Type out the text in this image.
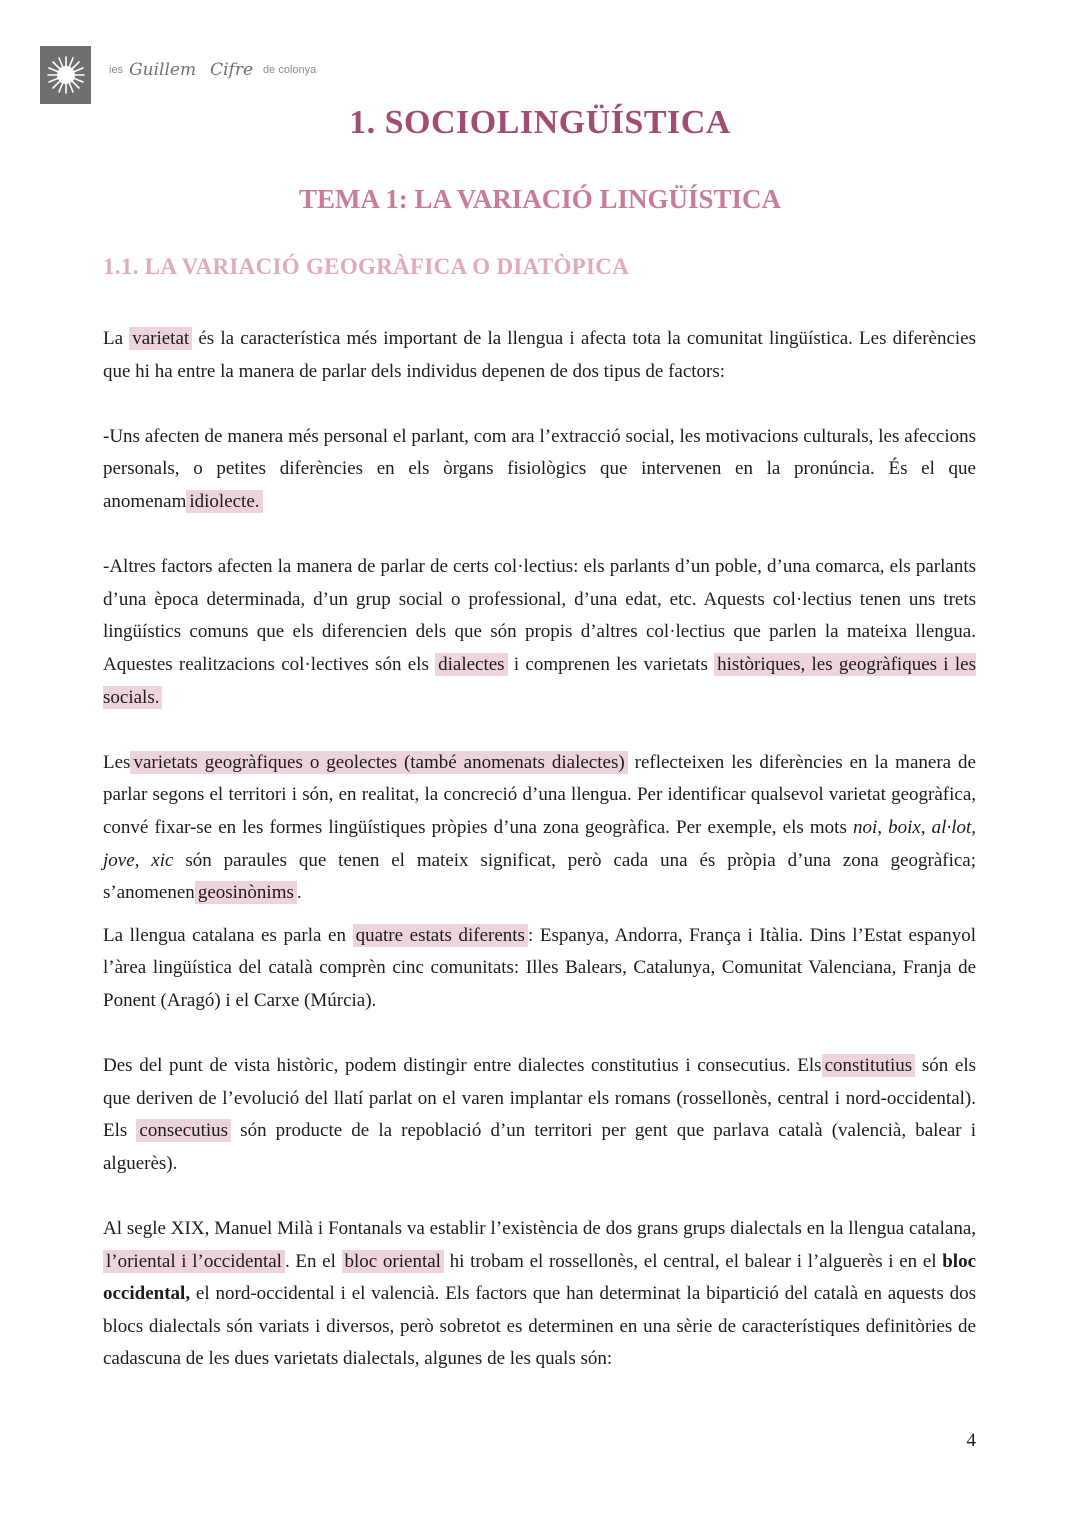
ies Guillem Cifre de colonya
1. SOCIOLINGÜÍSTICA
TEMA 1: LA VARIACIÓ LINGÜÍSTICA
1.1. LA VARIACIÓ GEOGRÀFICA O DIATÒPICA

La varietat és la característica més important de la llengua i afecta tota la comunitat lingüística. Les diferències que hi ha entre la manera de parlar dels individus depenen de dos tipus de factors:

-Uns afecten de manera més personal el parlant, com ara l’extracció social, les motivacions culturals, les afeccions personals, o petites diferències en els òrgans fisiològics que intervenen en la pronúncia. És el que anomenam idiolecte.

-Altres factors afecten la manera de parlar de certs col·lectius: els parlants d’un poble, d’una comarca, els parlants d’una època determinada, d’un grup social o professional, d’una edat, etc. Aquests col·lectius tenen uns trets lingüístics comuns que els diferencien dels que són propis d’altres col·lectius que parlen la mateixa llengua. Aquestes realitzacions col·lectives són els dialectes i comprenen les varietats històriques, les geogràfiques i les socials.

Les varietats geogràfiques o geolectes (també anomenats dialectes) reflecteixen les diferències en la manera de parlar segons el territori i són, en realitat, la concreció d’una llengua. Per identificar qualsevol varietat geogràfica, convé fixar-se en les formes lingüístiques pròpies d’una zona geogràfica. Per exemple, els mots noi, boix, al·lot, jove, xic són paraules que tenen el mateix significat, però cada una és pròpia d’una zona geogràfica; s’anomenen geosinònims .

La llengua catalana es parla en quatre estats diferents : Espanya, Andorra, França i Itàlia. Dins l’Estat espanyol l’àrea lingüística del català comprèn cinc comunitats: Illes Balears, Catalunya, Comunitat Valenciana, Franja de Ponent (Aragó) i el Carxe (Múrcia).

Des del punt de vista històric, podem distingir entre dialectes constitutius i consecutius. Els constitutius són els que deriven de l’evolució del llatí parlat on el varen implantar els romans (rossellonès, central i nord-occidental). Els consecutius són producte de la repoblació d’un territori per gent que parlava català (valencià, balear i alguerès).

Al segle XIX, Manuel Milà i Fontanals va establir l’existència de dos grans grups dialectals en la llengua catalana, l’oriental i l’occidental . En el bloc oriental hi trobam el rossellonès, el central, el balear i l’alguerès i en el bloc occidental, el nord-occidental i el valencià. Els factors que han determinat la bipartició del català en aquests dos blocs dialectals són variats i diversos, però sobretot es determinen en una sèrie de característiques definitòries de cadascuna de les dues varietats dialectals, algunes de les quals són:

4
